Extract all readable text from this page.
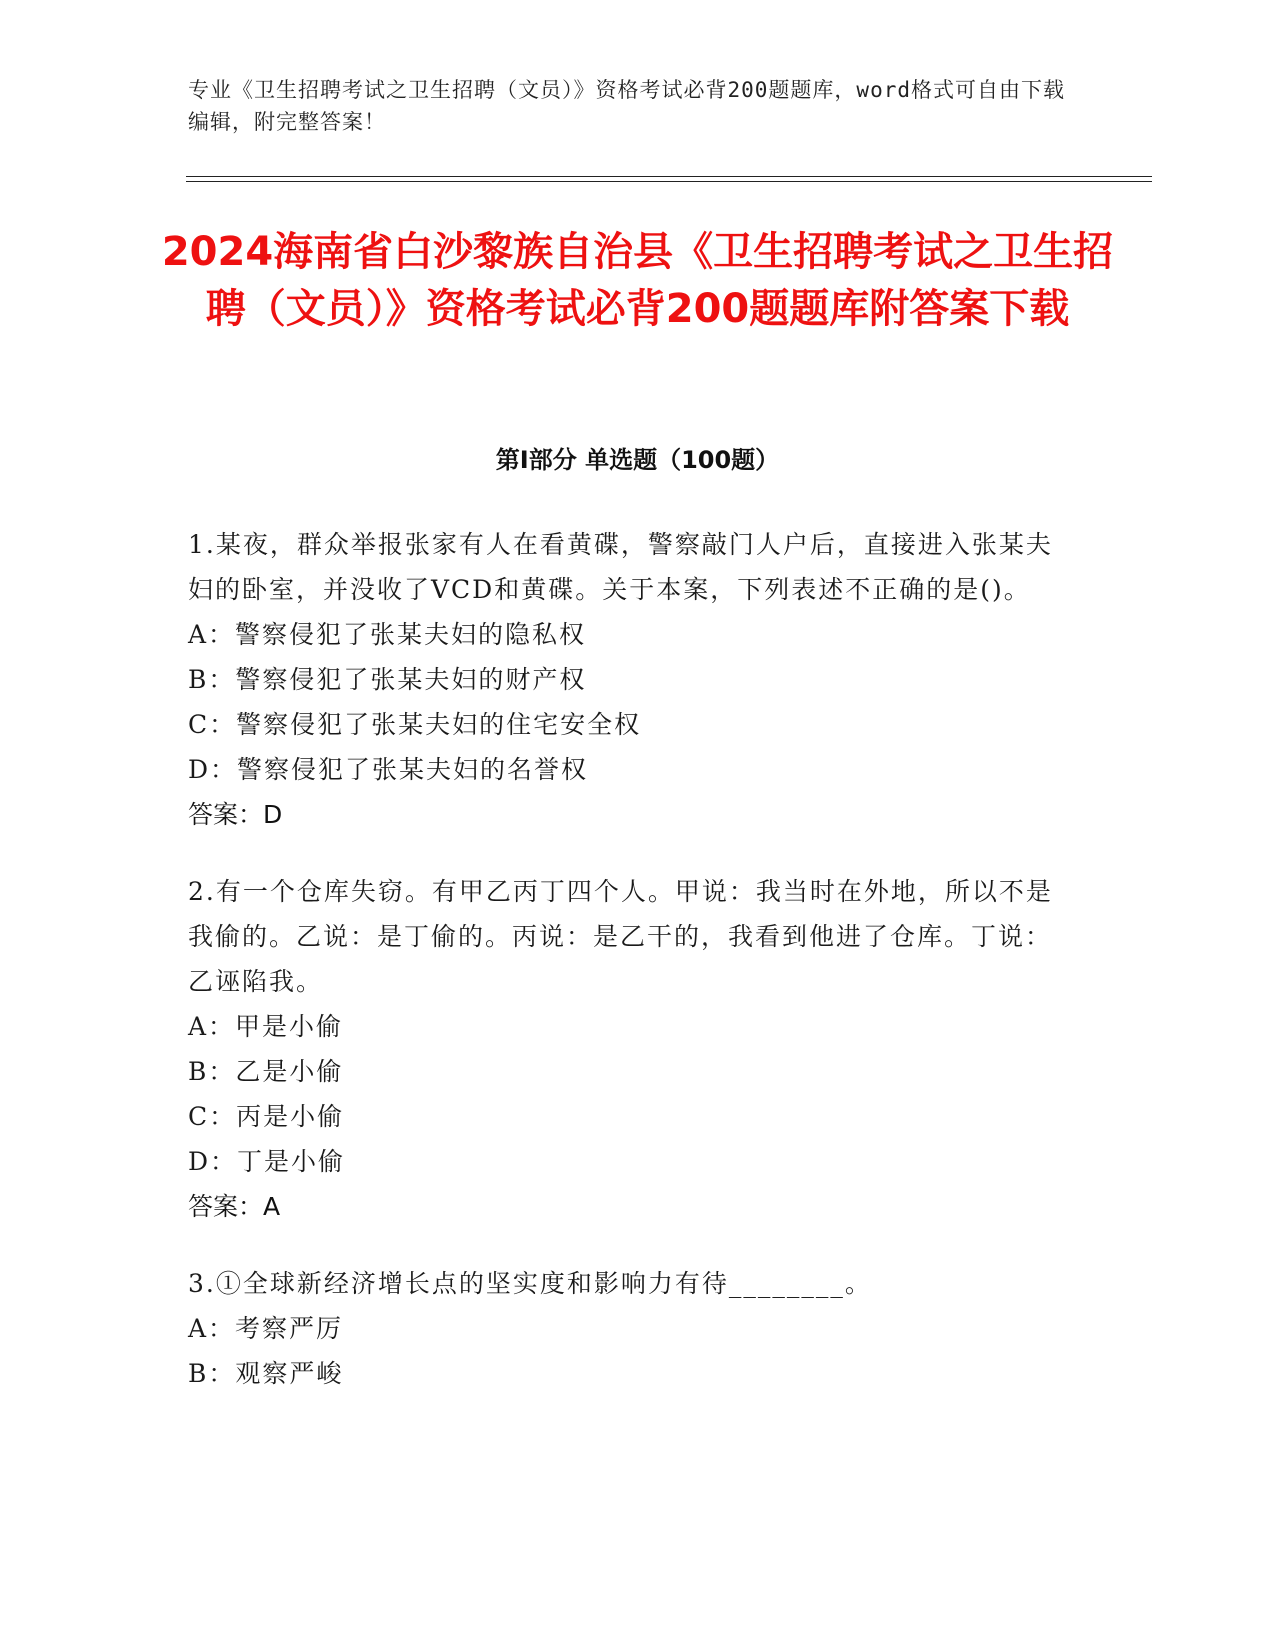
专业《卫生招聘考试之卫生招聘（文员）》资格考试必背200题题库，word格式可自由下载编辑，附完整答案！
2024海南省白沙黎族自治县《卫生招聘考试之卫生招聘（文员）》资格考试必背200题题库附答案下载
第Ⅰ部分 单选题（100题）
1.某夜，群众举报张家有人在看黄碟，警察敲门人户后，直接进入张某夫妇的卧室，并没收了VCD和黄碟。关于本案，下列表述不正确的是()。
A：警察侵犯了张某夫妇的隐私权
B：警察侵犯了张某夫妇的财产权
C：警察侵犯了张某夫妇的住宅安全权
D：警察侵犯了张某夫妇的名誉权
答案：D
2.有一个仓库失窃。有甲乙丙丁四个人。甲说：我当时在外地，所以不是我偷的。乙说：是丁偷的。丙说：是乙干的，我看到他进了仓库。丁说：乙诬陷我。
A：甲是小偷
B：乙是小偷
C：丙是小偷
D：丁是小偷
答案：A
3.①全球新经济增长点的坚实度和影响力有待________。
A：考察严厉
B：观察严峻
